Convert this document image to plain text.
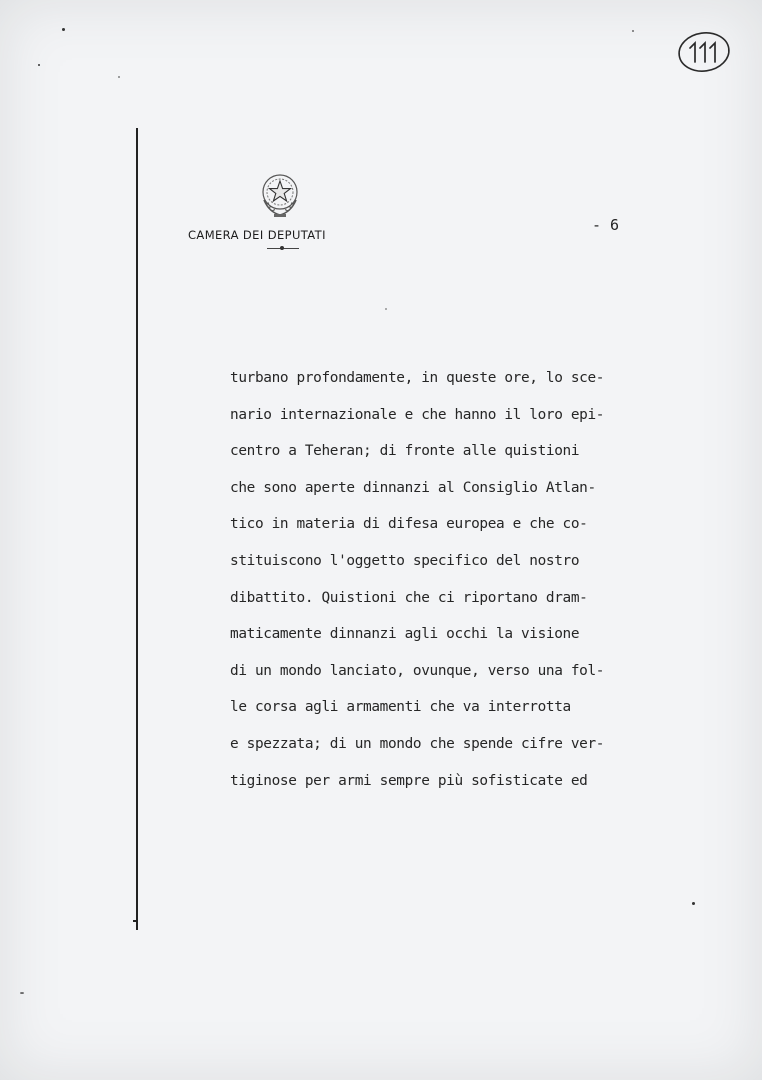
CAMERA DEI DEPUTATI
- 6
turbano profondamente, in queste ore, lo sce-
nario internazionale e che hanno il loro epi-
centro a Teheran; di fronte alle quistioni
che sono aperte dinnanzi al Consiglio Atlan-
tico in materia di difesa europea e che co-
stituiscono l'oggetto specifico del nostro
dibattito. Quistioni che ci riportano dram-
maticamente dinnanzi agli occhi la visione
di un mondo lanciato, ovunque, verso una fol-
le corsa agli armamenti che va interrotta
e spezzata; di un mondo che spende cifre ver-
tiginose per armi sempre più sofisticate ed
